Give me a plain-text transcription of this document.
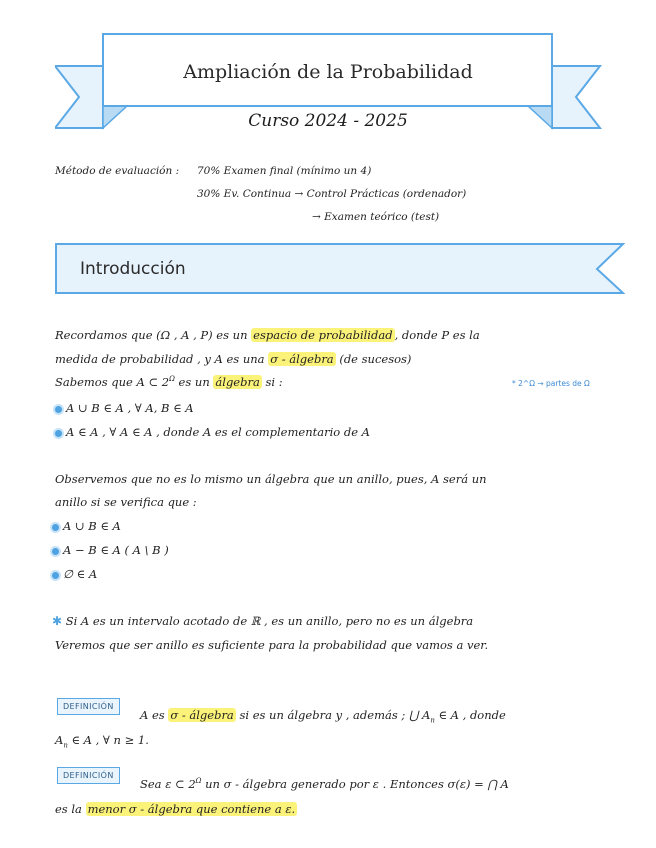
Ampliación de la Probabilidad
Curso 2024 - 2025
Método de evaluación : 70% Examen final (mínimo un 4)
30% Ev. Continua → Control Prácticas (ordenador)
→ Examen teórico (test)
Introducción
Recordamos que (Ω , A , P) es un espacio de probabilidad , donde P es la
medida de probabilidad , y A es una σ - álgebra (de sucesos)
Sabemos que A ⊂ $2^\Omega$ es un álgebra si :	* 2^Ω → partes de Ω
A ∪ B ∈ A , ∀ A, B ∈ A
A ∈ A , ∀ A ∈ A , donde A es el complementario de A
Observemos que no es lo mismo un álgebra que un anillo, pues, A será un
anillo si se verifica que :
A ∪ B ∈ A
A − B ∈ A ( A \ B )
∅ ∈ A
✱ Si A es un intervalo acotado de ℝ , es un anillo, pero no es un álgebra
Veremos que ser anillo es suficiente para la probabilidad que vamos a ver.
DEFINICIÓN
A es σ - álgebra si es un álgebra y , además ; ⋃ $A_n$ ∈ A , donde
$A_n$ ∈ A , ∀ n ≥ 1.
DEFINICIÓN
Sea ε ⊂ $2^\Omega$ un σ - álgebra generado por ε . Entonces σ(ε) = ⋂ A
es la menor σ - álgebra que contiene a ε.
